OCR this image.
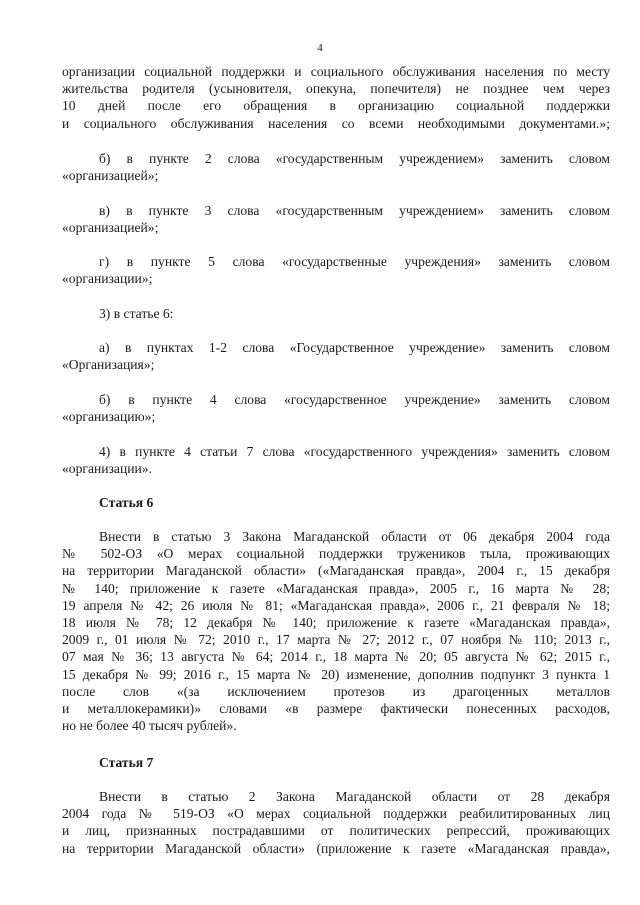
4
организации социальной поддержки и социального обслуживания населения по месту
жительства родителя (усыновителя, опекуна, попечителя) не позднее чем через
10 дней после его обращения в организацию социальной поддержки
и социального обслуживания населения со всеми необходимыми документами.»;
б) в пункте 2 слова «государственным учреждением» заменить словом
«организацией»;
в) в пункте 3 слова «государственным учреждением» заменить словом
«организацией»;
г) в пункте 5 слова «государственные учреждения» заменить словом
«организации»;
3) в статье 6:
а) в пунктах 1-2 слова «Государственное учреждение» заменить словом
«Организация»;
б) в пункте 4 слова «государственное учреждение» заменить словом
«организацию»;
4) в пункте 4 статьи 7 слова «государственного учреждения» заменить словом
«организации».
Статья 6
Внести в статью 3 Закона Магаданской области от 06 декабря 2004 года
№ 502-ОЗ «О мерах социальной поддержки тружеников тыла, проживающих
на территории Магаданской области» («Магаданская правда», 2004 г., 15 декабря
№ 140; приложение к газете «Магаданская правда», 2005 г., 16 марта № 28;
19 апреля № 42; 26 июля № 81; «Магаданская правда», 2006 г., 21 февраля № 18;
18 июля № 78; 12 декабря № 140; приложение к газете «Магаданская правда»,
2009 г., 01 июля № 72; 2010 г., 17 марта № 27; 2012 г., 07 ноября № 110; 2013 г.,
07 мая № 36; 13 августа № 64; 2014 г., 18 марта № 20; 05 августа № 62; 2015 г.,
15 декабря № 99; 2016 г., 15 марта № 20) изменение, дополнив подпункт 3 пункта 1
после слов «(за исключением протезов из драгоценных металлов
и металлокерамики)» словами «в размере фактически понесенных расходов,
но не более 40 тысяч рублей».
Статья 7
Внести в статью 2 Закона Магаданской области от 28 декабря
2004 года № 519-ОЗ «О мерах социальной поддержки реабилитированных лиц
и лиц, признанных пострадавшими от политических репрессий, проживающих
на территории Магаданской области» (приложение к газете «Магаданская правда»,
